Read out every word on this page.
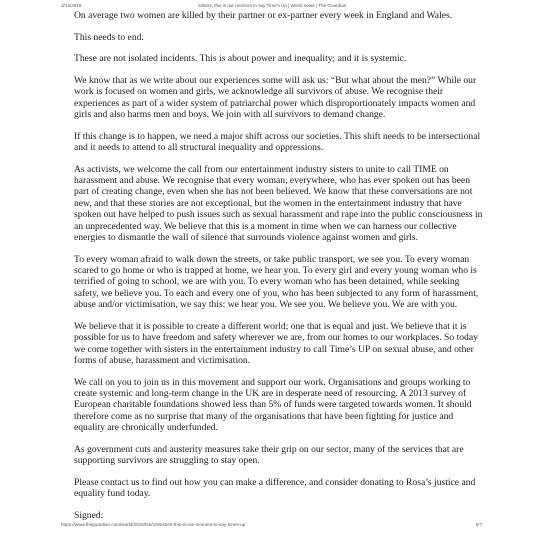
2/14/2018	Sisters, this is our moment to say Time's Up | World news | The Guardian

On average two women are killed by their partner or ex-partner every week in England and Wales.

This needs to end.

These are not isolated incidents. This is about power and inequality; and it is systemic.

We know that as we write about our experiences some will ask us: “But what about the men?” While our work is focused on women and girls, we acknowledge all survivors of abuse. We recognise their experiences as part of a wider system of patriarchal power which disproportionately impacts women and girls and also harms men and boys. We join with all survivors to demand change.

If this change is to happen, we need a major shift across our societies. This shift needs to be intersectional and it needs to attend to all structural inequality and oppressions.

As activists, we welcome the call from our entertainment industry sisters to unite to call TIME on harassment and abuse. We recognise that every woman, everywhere, who has ever spoken out has been part of creating change, even when she has not been believed. We know that these conversations are not new, and that these stories are not exceptional, but the women in the entertainment industry that have spoken out have helped to push issues such as sexual harassment and rape into the public consciousness in an unprecedented way. We believe that this is a moment in time when we can harness our collective energies to dismantle the wall of silence that surrounds violence against women and girls.

To every woman afraid to walk down the streets, or take public transport, we see you. To every woman scared to go home or who is trapped at home, we hear you. To every girl and every young woman who is terrified of going to school, we are with you. To every woman who has been detained, while seeking safety, we believe you. To each and every one of you, who has been subjected to any form of harassment, abuse and/or victimisation, we say this: we hear you. We see you. We believe you. We are with you.

We believe that it is possible to create a different world; one that is equal and just. We believe that it is possible for us to have freedom and safety wherever we are, from our homes to our workplaces. So today we come together with sisters in the entertainment industry to call Time’s UP on sexual abuse, and other forms of abuse, harassment and victimisation.

We call on you to join us in this movement and support our work. Organisations and groups working to create systemic and long-term change in the UK are in desperate need of resourcing. A 2013 survey of European charitable foundations showed less than 5% of funds were targeted towards women. It should therefore come as no surprise that many of the organisations that have been fighting for justice and equality are chronically underfunded.

As government cuts and austerity measures take their grip on our sector, many of the services that are supporting survivors are struggling to stay open.

Please contact us to find out how you can make a difference, and consider donating to Rosa’s justice and equality fund today.

Signed:

https://www.theguardian.com/world/2018/feb/18/sisters-this-is-our-moment-to-say-times-up	5/7
